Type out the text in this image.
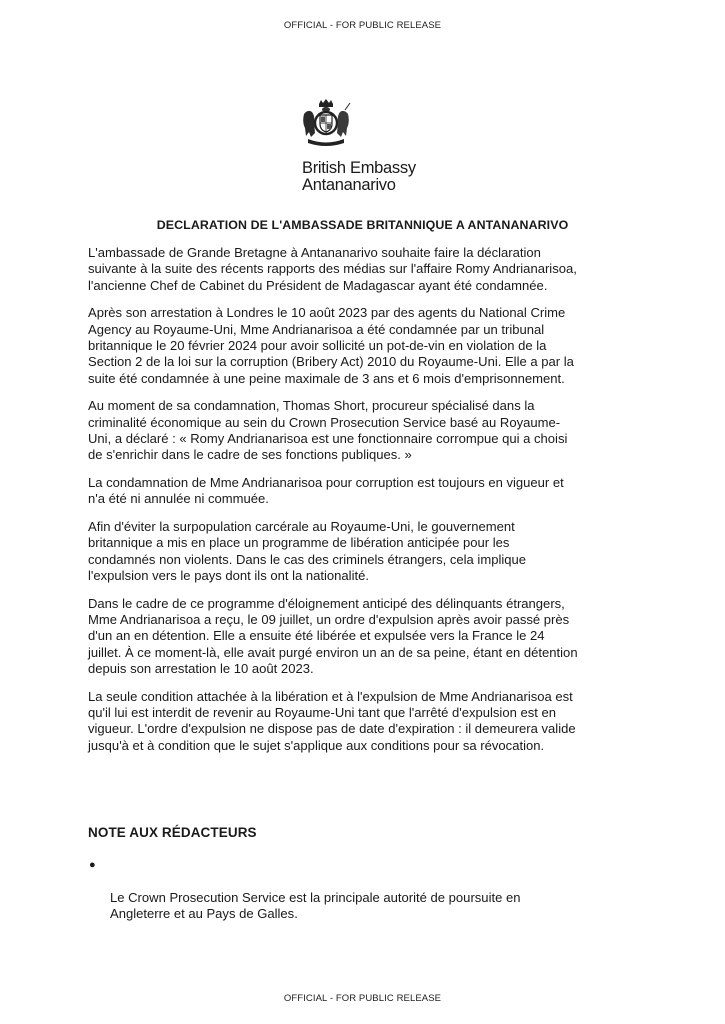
OFFICIAL - FOR PUBLIC RELEASE
British Embassy
Antananarivo
DECLARATION DE L'AMBASSADE BRITANNIQUE A ANTANANARIVO

L'ambassade de Grande Bretagne à Antananarivo souhaite faire la déclaration
suivante à la suite des récents rapports des médias sur l'affaire Romy Andrianarisoa,
l'ancienne Chef de Cabinet du Président de Madagascar ayant été condamnée.

Après son arrestation à Londres le 10 août 2023 par des agents du National Crime
Agency au Royaume-Uni, Mme Andrianarisoa a été condamnée par un tribunal
britannique le 20 février 2024 pour avoir sollicité un pot-de-vin en violation de la
Section 2 de la loi sur la corruption (Bribery Act) 2010 du Royaume-Uni. Elle a par la
suite été condamnée à une peine maximale de 3 ans et 6 mois d'emprisonnement.

Au moment de sa condamnation, Thomas Short, procureur spécialisé dans la
criminalité économique au sein du Crown Prosecution Service basé au Royaume-
Uni, a déclaré : « Romy Andrianarisoa est une fonctionnaire corrompue qui a choisi
de s'enrichir dans le cadre de ses fonctions publiques. »

La condamnation de Mme Andrianarisoa pour corruption est toujours en vigueur et
n'a été ni annulée ni commuée.

Afin d'éviter la surpopulation carcérale au Royaume-Uni, le gouvernement
britannique a mis en place un programme de libération anticipée pour les
condamnés non violents. Dans le cas des criminels étrangers, cela implique
l'expulsion vers le pays dont ils ont la nationalité.

Dans le cadre de ce programme d'éloignement anticipé des délinquants étrangers,
Mme Andrianarisoa a reçu, le 09 juillet, un ordre d'expulsion après avoir passé près
d'un an en détention. Elle a ensuite été libérée et expulsée vers la France le 24
juillet. À ce moment-là, elle avait purgé environ un an de sa peine, étant en détention
depuis son arrestation le 10 août 2023.

La seule condition attachée à la libération et à l'expulsion de Mme Andrianarisoa est
qu'il lui est interdit de revenir au Royaume-Uni tant que l'arrêté d'expulsion est en
vigueur. L'ordre d'expulsion ne dispose pas de date d'expiration : il demeurera valide
jusqu'à et à condition que le sujet s'applique aux conditions pour sa révocation.

NOTE AUX RÉDACTEURS

●

Le Crown Prosecution Service est la principale autorité de poursuite en
Angleterre et au Pays de Galles.

OFFICIAL - FOR PUBLIC RELEASE
